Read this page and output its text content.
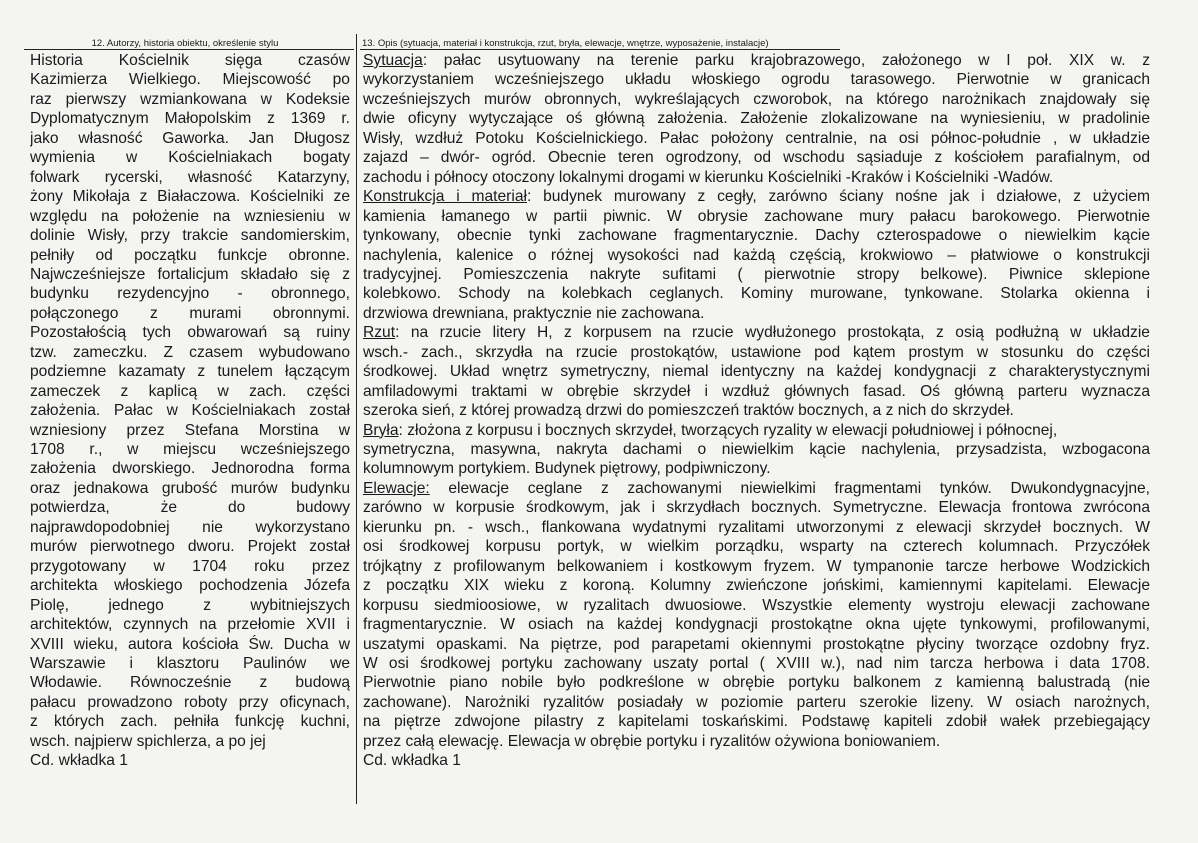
12. Autorzy, historia obiektu, określenie stylu	13. Opis (sytuacja, materiał i konstrukcja, rzut, bryła, elewacje, wnętrze, wyposażenie, instalacje)
Historia Kościelnik sięga czasów
Kazimierza Wielkiego. Miejscowość po
raz pierwszy wzmiankowana w Kodeksie
Dyplomatycznym Małopolskim z 1369 r.
jako własność Gaworka. Jan Długosz
wymienia w Kościelniakach bogaty
folwark rycerski, własność Katarzyny,
żony Mikołaja z Białaczowa. Kościelniki ze
względu na położenie na wzniesieniu w
dolinie Wisły, przy trakcie sandomierskim,
pełniły od początku funkcje obronne.
Najwcześniejsze fortalicjum składało się z
budynku rezydencyjno - obronnego,
połączonego z murami obronnymi.
Pozostałością tych obwarowań są ruiny
tzw. zameczku. Z czasem wybudowano
podziemne kazamaty z tunelem łączącym
zameczek z kaplicą w zach. części
założenia. Pałac w Kościelniakach został
wzniesiony przez Stefana Morstina w
1708 r., w miejscu wcześniejszego
założenia dworskiego. Jednorodna forma
oraz jednakowa grubość murów budynku
potwierdza, że do budowy
najprawdopodobniej nie wykorzystano
murów pierwotnego dworu. Projekt został
przygotowany w 1704 roku przez
architekta włoskiego pochodzenia Józefa
Piolę, jednego z wybitniejszych
architektów, czynnych na przełomie XVII i
XVIII wieku, autora kościoła Św. Ducha w
Warszawie i klasztoru Paulinów we
Włodawie. Równocześnie z budową
pałacu prowadzono roboty przy oficynach,
z których zach. pełniła funkcję kuchni,
wsch. najpierw spichlerza, a po jej
Cd. wkładka 1
Sytuacja: pałac usytuowany na terenie parku krajobrazowego, założonego w I poł. XIX w. z
wykorzystaniem wcześniejszego układu włoskiego ogrodu tarasowego. Pierwotnie w granicach
wcześniejszych murów obronnych, wykreślających czworobok, na którego narożnikach znajdowały się
dwie oficyny wytyczające oś główną założenia. Założenie zlokalizowane na wyniesieniu, w pradolinie
Wisły, wzdłuż Potoku Kościelnickiego. Pałac położony centralnie, na osi północ-południe , w układzie
zajazd – dwór- ogród. Obecnie teren ogrodzony, od wschodu sąsiaduje z kościołem parafialnym, od
zachodu i północy otoczony lokalnymi drogami w kierunku Kościelniki -Kraków i Kościelniki -Wadów.
Konstrukcja i materiał: budynek murowany z cegły, zarówno ściany nośne jak i działowe, z użyciem
kamienia łamanego w partii piwnic. W obrysie zachowane mury pałacu barokowego. Pierwotnie
tynkowany, obecnie tynki zachowane fragmentarycznie. Dachy czterospadowe o niewielkim kącie
nachylenia, kalenice o różnej wysokości nad każdą częścią, krokwiowo – płatwiowe o konstrukcji
tradycyjnej. Pomieszczenia nakryte sufitami ( pierwotnie stropy belkowe). Piwnice sklepione
kolebkowo. Schody na kolebkach ceglanych. Kominy murowane, tynkowane. Stolarka okienna i
drzwiowa drewniana, praktycznie nie zachowana.
Rzut: na rzucie litery H, z korpusem na rzucie wydłużonego prostokąta, z osią podłużną w układzie
wsch.- zach., skrzydła na rzucie prostokątów, ustawione pod kątem prostym w stosunku do części
środkowej. Układ wnętrz symetryczny, niemal identyczny na każdej kondygnacji z charakterystycznymi
amfiladowymi traktami w obrębie skrzydeł i wzdłuż głównych fasad. Oś główną parteru wyznacza
szeroka sień, z której prowadzą drzwi do pomieszczeń traktów bocznych, a z nich do skrzydeł.
Bryła: złożona z korpusu i bocznych skrzydeł, tworzących ryzality w elewacji południowej i północnej,
symetryczna, masywna, nakryta dachami o niewielkim kącie nachylenia, przysadzista, wzbogacona
kolumnowym portykiem. Budynek piętrowy, podpiwniczony.
Elewacje: elewacje ceglane z zachowanymi niewielkimi fragmentami tynków. Dwukondygnacyjne,
zarówno w korpusie środkowym, jak i skrzydłach bocznych. Symetryczne. Elewacja frontowa zwrócona
kierunku pn. - wsch., flankowana wydatnymi ryzalitami utworzonymi z elewacji skrzydeł bocznych. W
osi środkowej korpusu portyk, w wielkim porządku, wsparty na czterech kolumnach. Przyczółek
trójkątny z profilowanym belkowaniem i kostkowym fryzem. W tympanonie tarcze herbowe Wodzickich
z początku XIX wieku z koroną. Kolumny zwieńczone jońskimi, kamiennymi kapitelami. Elewacje
korpusu siedmioosiowe, w ryzalitach dwuosiowe. Wszystkie elementy wystroju elewacji zachowane
fragmentarycznie. W osiach na każdej kondygnacji prostokątne okna ujęte tynkowymi, profilowanymi,
uszatymi opaskami. Na piętrze, pod parapetami okiennymi prostokątne płyciny tworzące ozdobny fryz.
W osi środkowej portyku zachowany uszaty portal ( XVIII w.), nad nim tarcza herbowa i data 1708.
Pierwotnie piano nobile było podkreślone w obrębie portyku balkonem z kamienną balustradą (nie
zachowane). Narożniki ryzalitów posiadały w poziomie parteru szerokie lizeny. W osiach narożnych,
na piętrze zdwojone pilastry z kapitelami toskańskimi. Podstawę kapiteli zdobił wałek przebiegający
przez całą elewację. Elewacja w obrębie portyku i ryzalitów ożywiona boniowaniem.
Cd. wkładka 1
